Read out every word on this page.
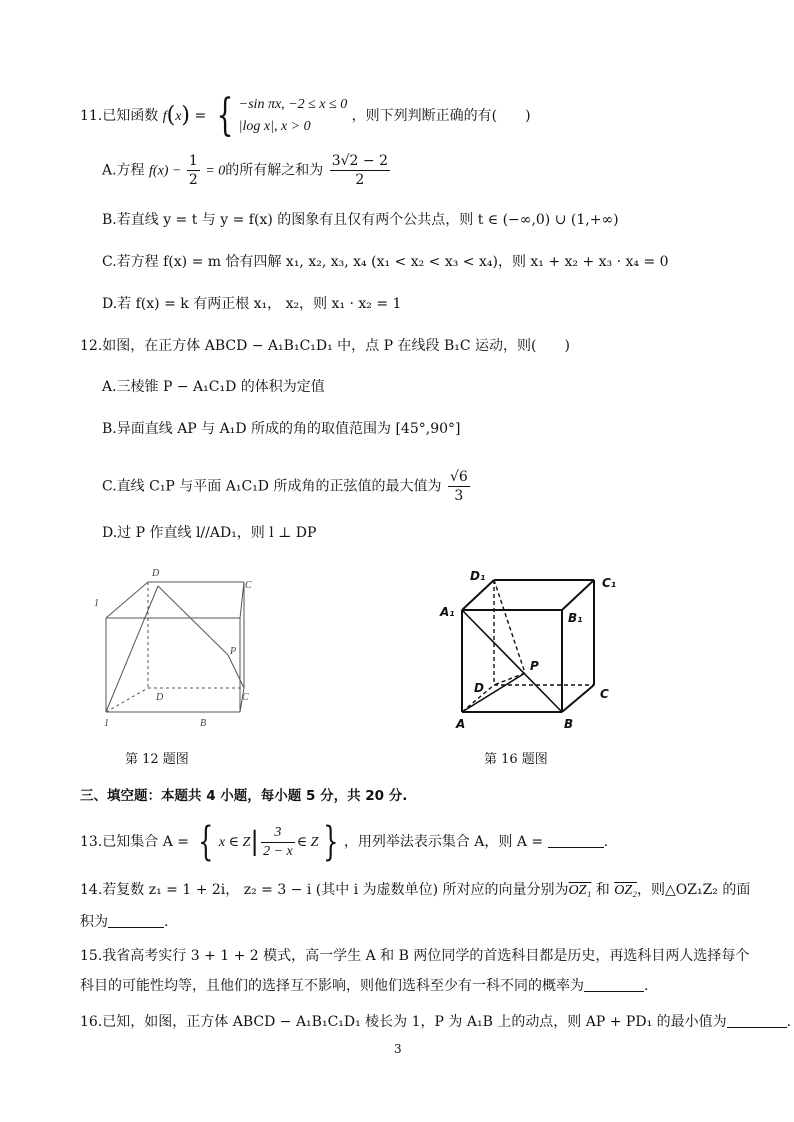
11.已知函数 f(x) = { −sin πx, −2 ≤ x ≤ 0
|log x|, x > 0
，则下列判断正确的有(　　)
A.方程 $f(x) - \frac{1}{2} = 0$的所有解之和为 $\frac{3√2 - 2}{2}$
B.若直线 y = t 与 y = f(x) 的图象有且仅有两个公共点，则 t ∈ (−∞,0) ∪ (1,+∞)
C.若方程 f(x) = m 恰有四解 x₁, x₂, x₃, x₄ (x₁ < x₂ < x₃ < x₄)，则 x₁ + x₂ + x₃ · x₄ = 0
D.若 f(x) = k 有两正根 x₁， x₂，则 x₁ · x₂ = 1
12.如图，在正方体 ABCD − A₁B₁C₁D₁ 中，点 P 在线段 B₁C 运动，则(　　)
A.三棱锥 P − A₁C₁D 的体积为定值
B.异面直线 AP 与 A₁D 所成的角的取值范围为 [45°,90°]
C.直线 C₁P 与平面 A₁C₁D 所成角的正弦值的最大值为 $\frac{√6}{3}$
D.过 P 作直线 l//AD₁，则 l ⊥ DP
D
C
1
P
D	C
1	B
第 12 题图
D₁	C₁
A₁	B₁
P
D	C
A	B
第 16 题图
三、填空题：本题共 4 小题，每小题 5 分，共 20 分.
13.已知集合 A = { x ∈ $Z| \frac{3}{2 - x}$ ∈ Z } ，用列举法表示集合 A，则 A =	.
14.若复数 z₁ = 1 + 2i， z₂ = 3 − i (其中 i 为虚数单位) 所对应的向量分别为OZ₁ 和 OZ₂，则△OZ₁Z₂ 的面
积为	.
15.我省高考实行 3 + 1 + 2 模式，高一学生 A 和 B 两位同学的首选科目都是历史，再选科目两人选择每个
科目的可能性均等，且他们的选择互不影响，则他们选科至少有一科不同的概率为	.
16.已知，如图，正方体 ABCD − A₁B₁C₁D₁ 棱长为 1，P 为 A₁B 上的动点，则 AP + PD₁ 的最小值为	.
3
